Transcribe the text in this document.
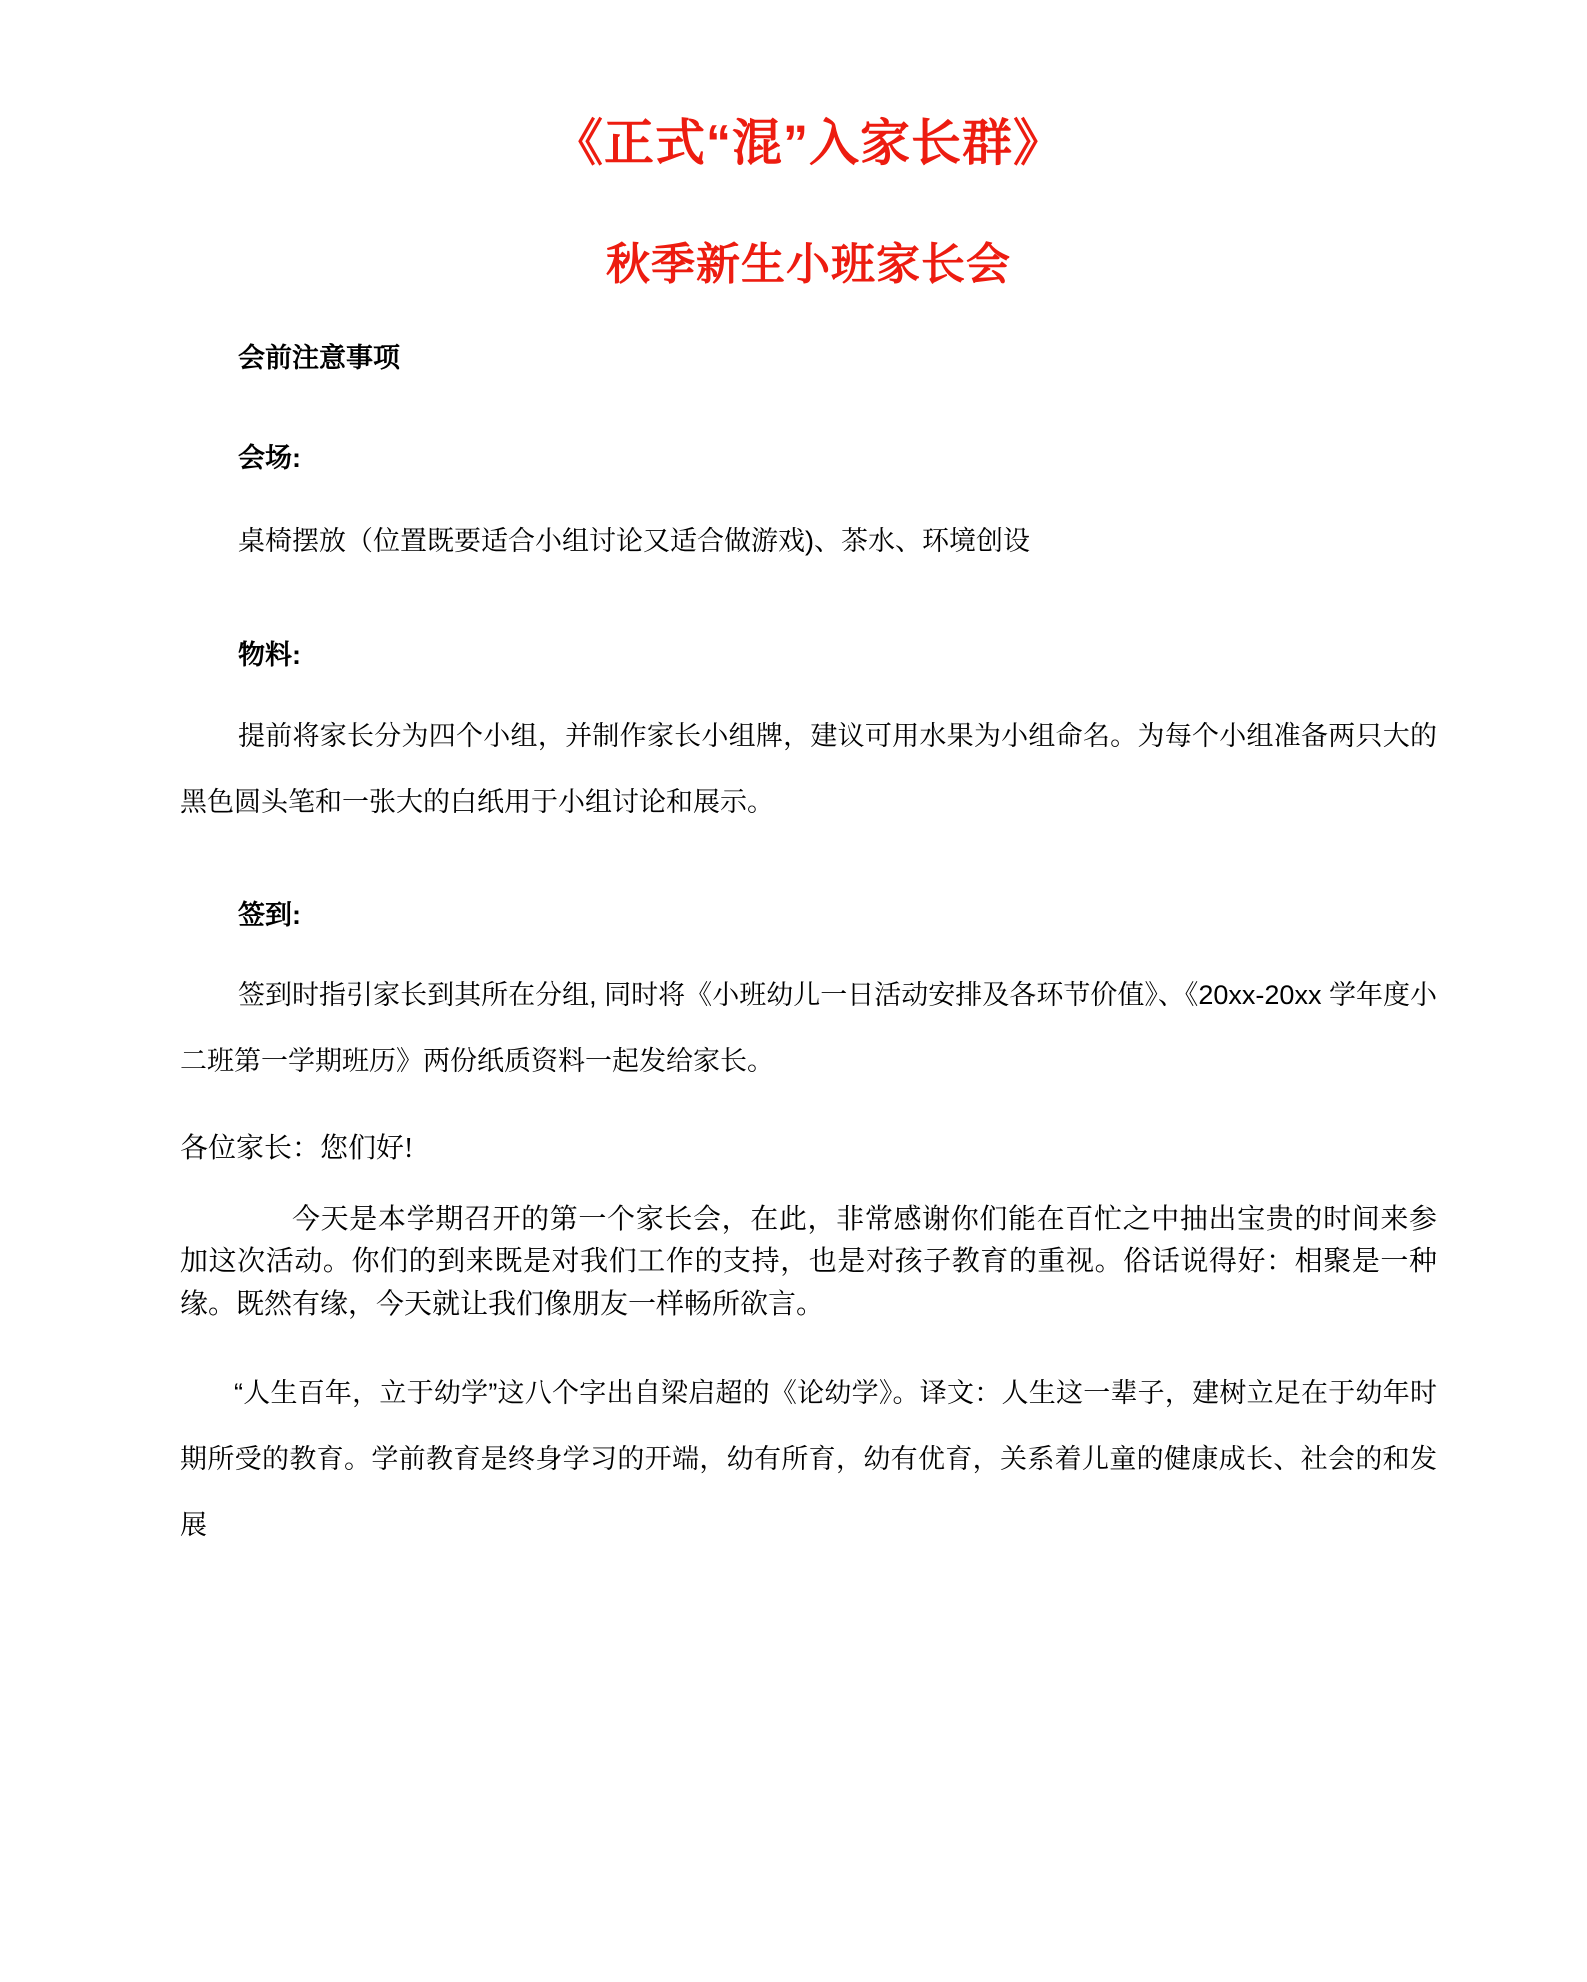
《正式“混”入家长群》
秋季新生小班家长会

会前注意事项

会场:

桌椅摆放（位置既要适合小组讨论又适合做游戏)、茶水、环境创设

物料:

提前将家长分为四个小组，并制作家长小组牌，建议可用水果为小组命名。为每个小组准备两只大的黑色圆头笔和一张大的白纸用于小组讨论和展示。

签到:

签到时指引家长到其所在分组, 同时将《小班幼儿一日活动安排及各环节价值》、《20xx-20xx 学年度小二班第一学期班历》两份纸质资料一起发给家长。

各位家长：您们好!

今天是本学期召开的第一个家长会，在此，非常感谢你们能在百忙之中抽出宝贵的时间来参加这次活动。你们的到来既是对我们工作的支持，也是对孩子教育的重视。俗话说得好：相聚是一种缘。既然有缘，今天就让我们像朋友一样畅所欲言。

“人生百年，立于幼学”这八个字出自梁启超的《论幼学》。译文：人生这一辈子，建树立足在于幼年时期所受的教育。学前教育是终身学习的开端，幼有所育，幼有优育，关系着儿童的健康成长、社会的和发展
